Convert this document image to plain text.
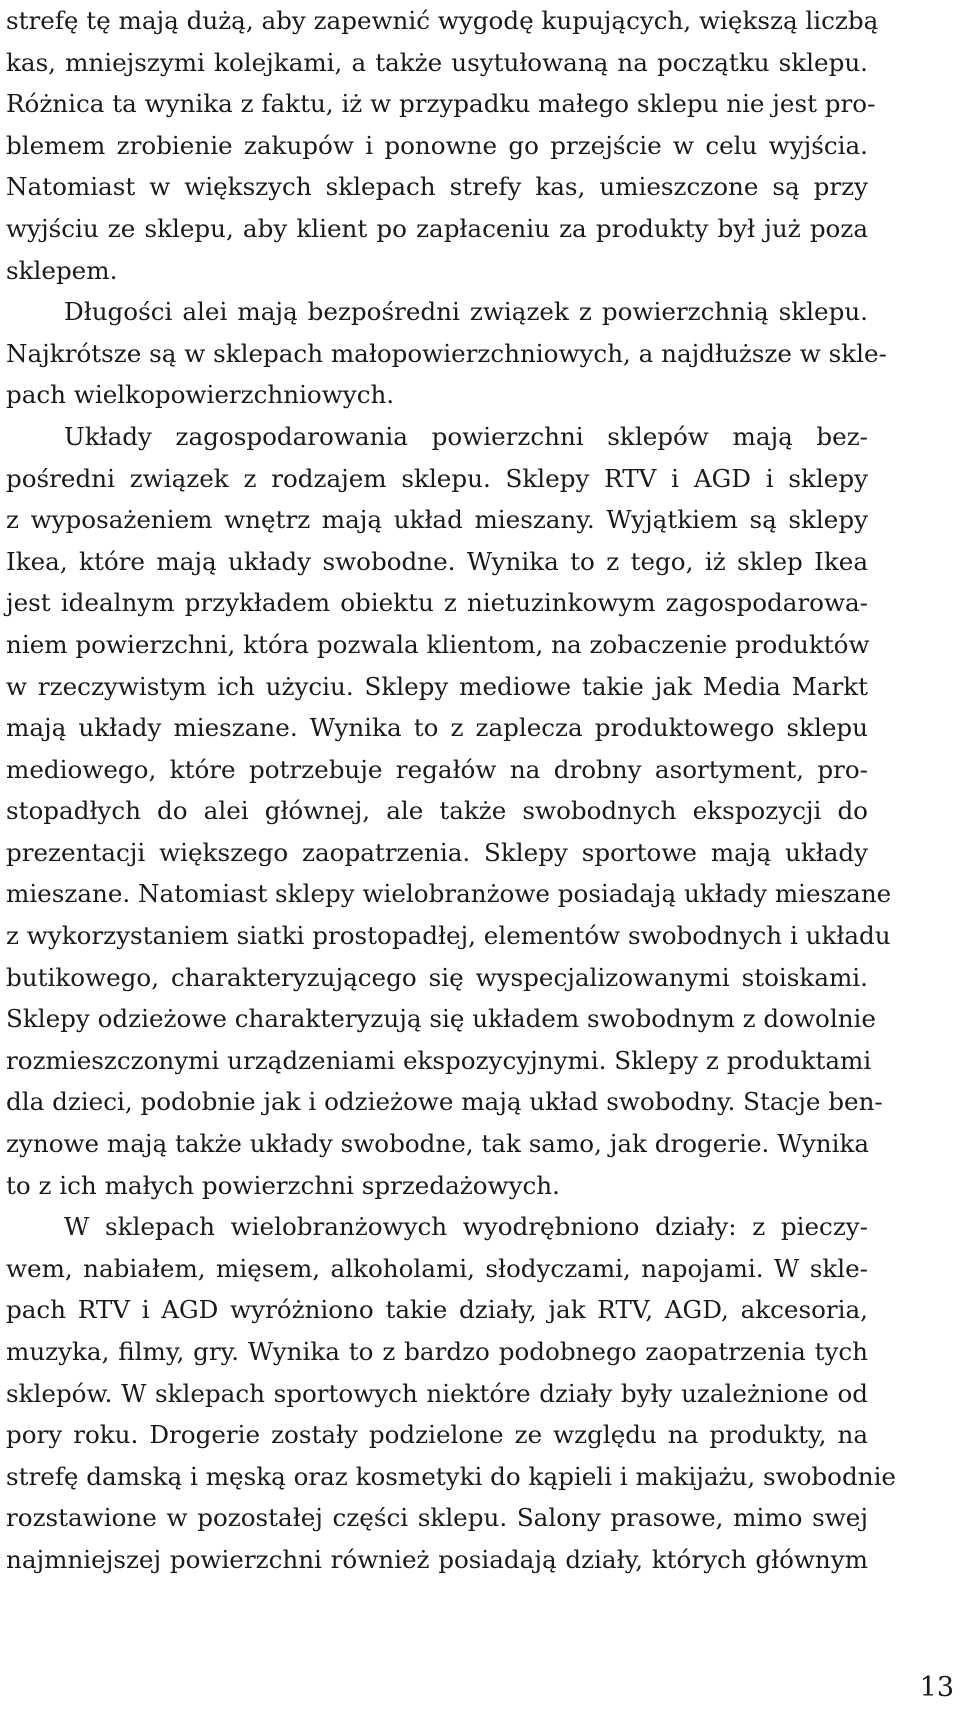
strefę tę mają dużą, aby zapewnić wygodę kupujących, większą liczbą
kas, mniejszymi kolejkami, a także usytułowaną na początku sklepu.
Różnica ta wynika z faktu, iż w przypadku małego sklepu nie jest pro-
blemem zrobienie zakupów i ponowne go przejście w celu wyjścia.
Natomiast w większych sklepach strefy kas, umieszczone są przy
wyjściu ze sklepu, aby klient po zapłaceniu za produkty był już poza
sklepem.
Długości alei mają bezpośredni związek z powierzchnią sklepu.
Najkrótsze są w sklepach małopowierzchniowych, a najdłuższe w skle-
pach wielkopowierzchniowych.
Układy zagospodarowania powierzchni sklepów mają bez-
pośredni związek z rodzajem sklepu. Sklepy RTV i AGD i sklepy
z wyposażeniem wnętrz mają układ mieszany. Wyjątkiem są sklepy
Ikea, które mają układy swobodne. Wynika to z tego, iż sklep Ikea
jest idealnym przykładem obiektu z nietuzinkowym zagospodarowa-
niem powierzchni, która pozwala klientom, na zobaczenie produktów
w rzeczywistym ich użyciu. Sklepy mediowe takie jak Media Markt
mają układy mieszane. Wynika to z zaplecza produktowego sklepu
mediowego, które potrzebuje regałów na drobny asortyment, pro-
stopadłych do alei głównej, ale także swobodnych ekspozycji do
prezentacji większego zaopatrzenia. Sklepy sportowe mają układy
mieszane. Natomiast sklepy wielobranżowe posiadają układy mieszane
z wykorzystaniem siatki prostopadłej, elementów swobodnych i układu
butikowego, charakteryzującego się wyspecjalizowanymi stoiskami.
Sklepy odzieżowe charakteryzują się układem swobodnym z dowolnie
rozmieszczonymi urządzeniami ekspozycyjnymi. Sklepy z produktami
dla dzieci, podobnie jak i odzieżowe mają układ swobodny. Stacje ben-
zynowe mają także układy swobodne, tak samo, jak drogerie. Wynika
to z ich małych powierzchni sprzedażowych.
W sklepach wielobranżowych wyodrębniono działy: z pieczy-
wem, nabiałem, mięsem, alkoholami, słodyczami, napojami. W skle-
pach RTV i AGD wyróżniono takie działy, jak RTV, AGD, akcesoria,
muzyka, filmy, gry. Wynika to z bardzo podobnego zaopatrzenia tych
sklepów. W sklepach sportowych niektóre działy były uzależnione od
pory roku. Drogerie zostały podzielone ze względu na produkty, na
strefę damską i męską oraz kosmetyki do kąpieli i makijażu, swobodnie
rozstawione w pozostałej części sklepu. Salony prasowe, mimo swej
najmniejszej powierzchni również posiadają działy, których głównym
13
